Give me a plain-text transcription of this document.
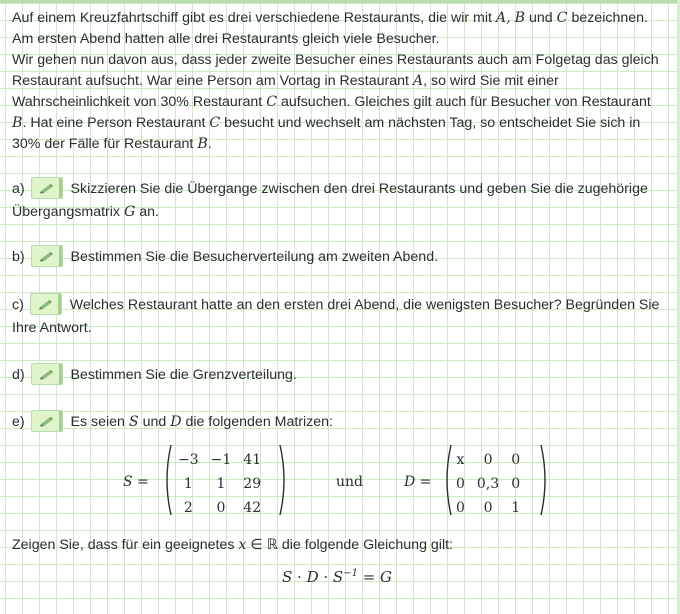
Auf einem Kreuzfahrtschiff gibt es drei verschiedene Restaurants, die wir mit A, B und C bezeichnen.

Am ersten Abend hatten alle drei Restaurants gleich viele Besucher.

Wir gehen nun davon aus, dass jeder zweite Besucher eines Restaurants auch am Folgetag das gleich

Restaurant aufsucht. War eine Person am Vortag in Restaurant A, so wird Sie mit einer

Wahrscheinlichkeit von 30% Restaurant C aufsuchen. Gleiches gilt auch für Besucher von Restaurant

B. Hat eine Person Restaurant C besucht und wechselt am nächsten Tag, so entscheidet Sie sich in

30% der Fälle für Restaurant B.

a)	Skizzieren Sie die Übergange zwischen den drei Restaurants und geben Sie die zugehörige
Übergangsmatrix G an.
b)	Bestimmen Sie die Besucherverteilung am zweiten Abend.
c)	Welches Restaurant hatte an den ersten drei Abend, die wenigsten Besucher? Begründen Sie
Ihre Antwort.
d)	Bestimmen Sie die Grenzverteilung.
e)	Es seien S und D die folgenden Matrizen:
S =
−3	−1	41
1	1	29
2	0	42
und	D =
x	0	0
0	0,3	0
0	0	1
Zeigen Sie, dass für ein geeignetes x ∈ ℝ die folgende Gleichung gilt:
$S \cdot D \cdot S^{-1} = G$
